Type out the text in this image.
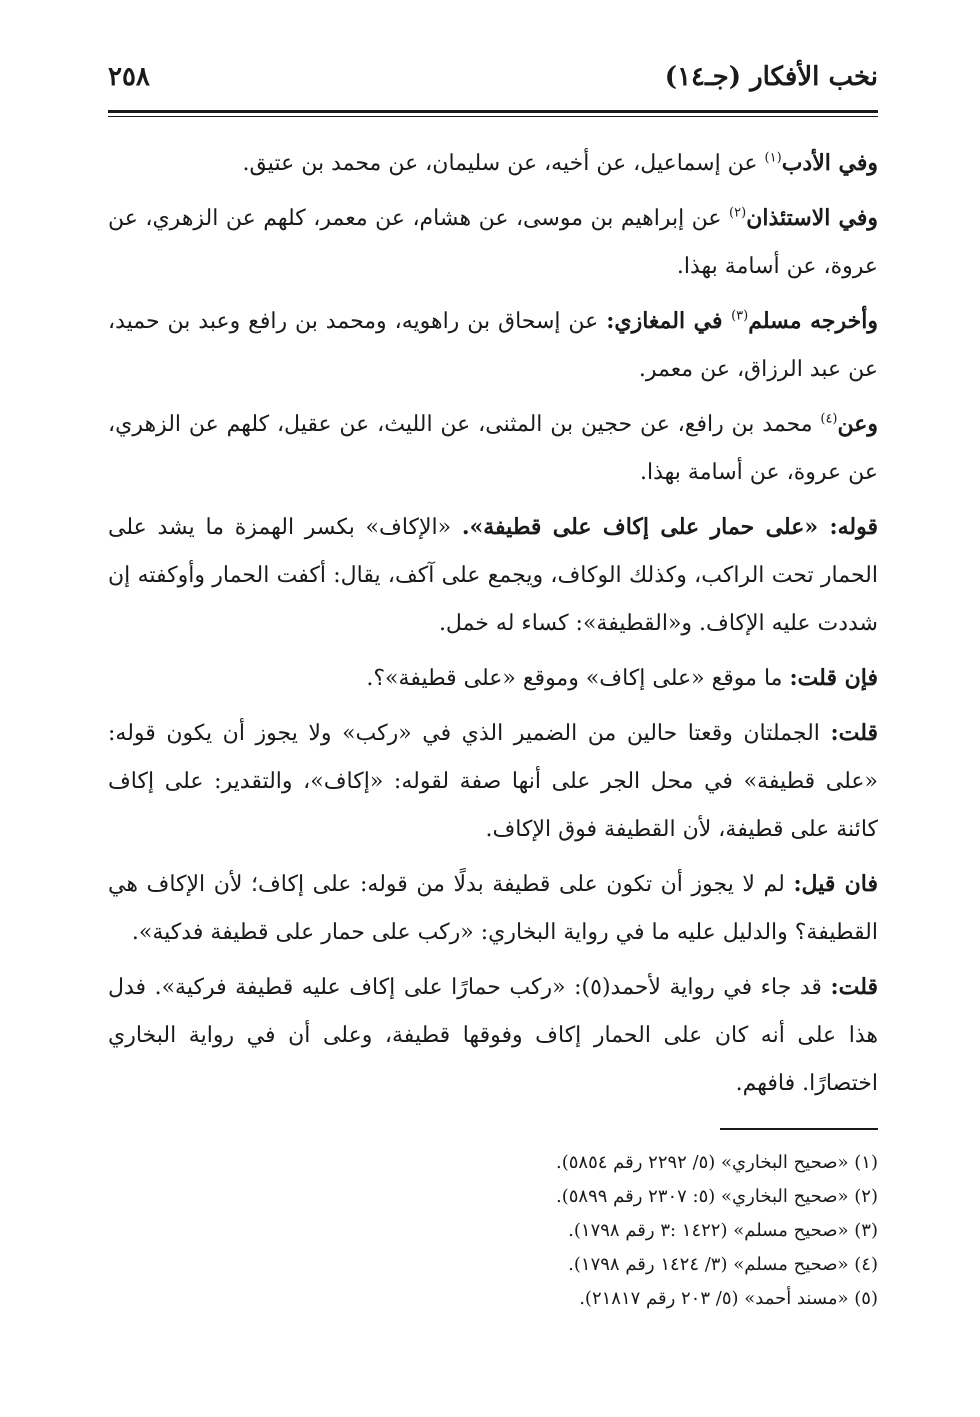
نخب الأفكار (جـ١٤)
٢٥٨

وفي الأدب$^{(١)}$ عن إسماعيل، عن أخيه، عن سليمان، عن محمد بن عتيق.

وفي الاستئذان$^{(٢)}$ عن إبراهيم بن موسى، عن هشام، عن معمر، كلهم عن الزهري، عن عروة، عن أسامة بهذا.

وأخرجه مسلم$^{(٣)}$ في المغازي: عن إسحاق بن راهويه، ومحمد بن رافع وعبد بن حميد، عن عبد الرزاق، عن معمر.

وعن$^{(٤)}$ محمد بن رافع، عن حجين بن المثنى، عن الليث، عن عقيل، كلهم عن الزهري، عن عروة، عن أسامة بهذا.

قوله: «على حمار على إكاف على قطيفة». «الإكاف» بكسر الهمزة ما يشد على الحمار تحت الراكب، وكذلك الوكاف، ويجمع على آكف، يقال: أكفت الحمار وأوكفته إن شددت عليه الإكاف. و«القطيفة»: كساء له خمل.

فإن قلت: ما موقع «على إكاف» وموقع «على قطيفة»؟.

قلت: الجملتان وقعتا حالين من الضمير الذي في «ركب» ولا يجوز أن يكون قوله: «على قطيفة» في محل الجر على أنها صفة لقوله: «إكاف»، والتقدير: على إكاف كائنة على قطيفة، لأن القطيفة فوق الإكاف.

فان قيل: لم لا يجوز أن تكون على قطيفة بدلًا من قوله: على إكاف؛ لأن الإكاف هي القطيفة؟ والدليل عليه ما في رواية البخاري: «ركب على حمار على قطيفة فدكية».

قلت: قد جاء في رواية لأحمد(٥): «ركب حمارًا على إكاف عليه قطيفة فركية». فدل هذا على أنه كان على الحمار إكاف وفوقها قطيفة، وعلى أن في رواية البخاري اختصارًا. فافهم.

(١) «صحيح البخاري» (٥/ ٢٢٩٢ رقم ٥٨٥٤).
(٢) «صحيح البخاري» (٥: ٢٣٠٧ رقم ٥٨٩٩).
(٣) «صحيح مسلم» (١٤٢٢ :٣ رقم ١٧٩٨).
(٤) «صحيح مسلم» (٣/ ١٤٢٤ رقم ١٧٩٨).
(٥) «مسند أحمد» (٥/ ٢٠٣ رقم ٢١٨١٧).
